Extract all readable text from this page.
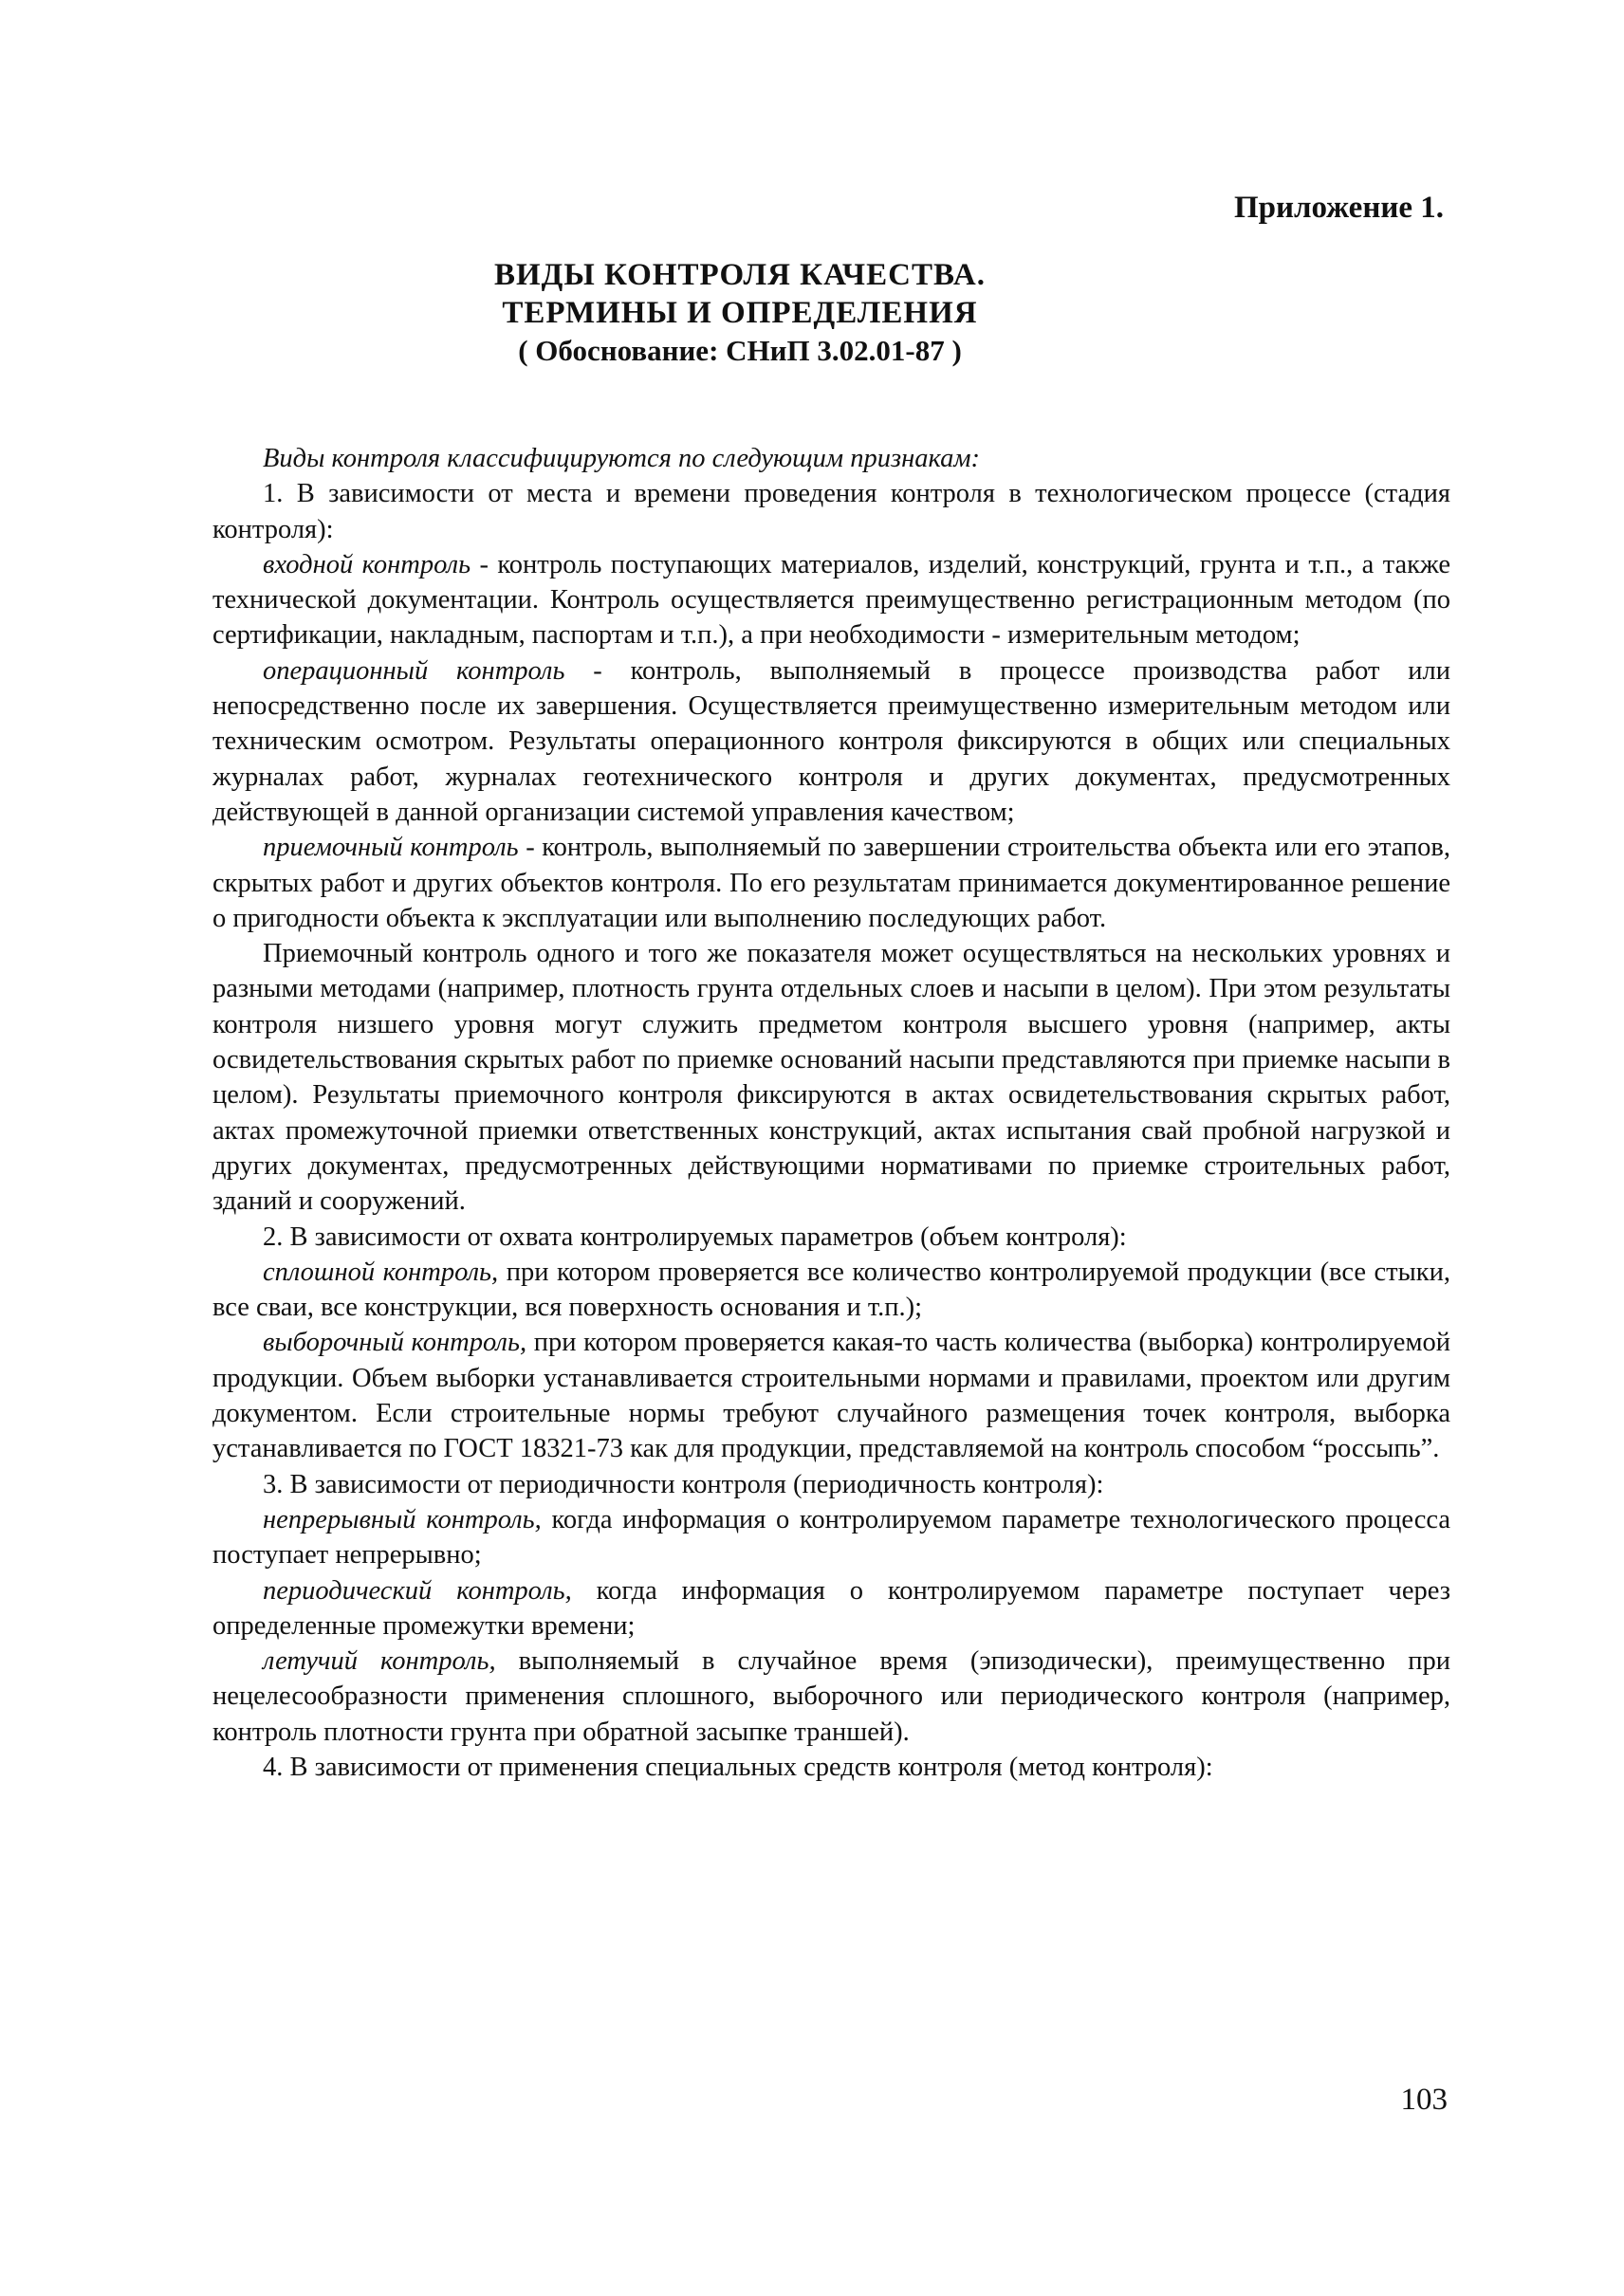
Приложение 1.
ВИДЫ КОНТРОЛЯ КАЧЕСТВА.
ТЕРМИНЫ И ОПРЕДЕЛЕНИЯ
( Обоснование: СНиП 3.02.01-87 )

Виды контроля классифицируются по следующим признакам:

1. В зависимости от места и времени проведения контроля в технологическом процессе (стадия контроля):

входной контроль - контроль поступающих материалов, изделий, конструкций, грунта и т.п., а также технической документации. Контроль осуществляется преимущественно регистрационным методом (по сертификации, накладным, паспортам и т.п.), а при необходимости - измерительным методом;

операционный контроль - контроль, выполняемый в процессе производства работ или непосредственно после их завершения. Осуществляется преимущественно измерительным методом или техническим осмотром. Результаты операционного контроля фиксируются в общих или специальных журналах работ, журналах геотехнического контроля и других документах, предусмотренных действующей в данной организации системой управления качеством;

приемочный контроль - контроль, выполняемый по завершении строительства объекта или его этапов, скрытых работ и других объектов контроля. По его результатам принимается документированное решение о пригодности объекта к эксплуатации или выполнению последующих работ.

Приемочный контроль одного и того же показателя может осуществляться на нескольких уровнях и разными методами (например, плотность грунта отдельных слоев и насыпи в целом). При этом результаты контроля низшего уровня могут служить предметом контроля высшего уровня (например, акты освидетельствования скрытых работ по приемке оснований насыпи представляются при приемке насыпи в целом). Результаты приемочного контроля фиксируются в актах освидетельствования скрытых работ, актах промежуточной приемки ответственных конструкций, актах испытания свай пробной нагрузкой и других документах, предусмотренных действующими нормативами по приемке строительных работ, зданий и сооружений.

2. В зависимости от охвата контролируемых параметров (объем контроля):

сплошной контроль, при котором проверяется все количество контролируемой продукции (все стыки, все сваи, все конструкции, вся поверхность основания и т.п.);

выборочный контроль, при котором проверяется какая-то часть количества (выборка) контролируемой продукции. Объем выборки устанавливается строительными нормами и правилами, проектом или другим документом. Если строительные нормы требуют случайного размещения точек контроля, выборка устанавливается по ГОСТ 18321-73 как для продукции, представляемой на контроль способом “россыпь”.

3. В зависимости от периодичности контроля (периодичность контроля):

непрерывный контроль, когда информация о контролируемом параметре технологического процесса поступает непрерывно;

периодический контроль, когда информация о контролируемом параметре поступает через определенные промежутки времени;

летучий контроль, выполняемый в случайное время (эпизодически), преимущественно при нецелесообразности применения сплошного, выборочного или периодического контроля (например, контроль плотности грунта при обратной засыпке траншей).

4. В зависимости от применения специальных средств контроля (метод контроля):

103
